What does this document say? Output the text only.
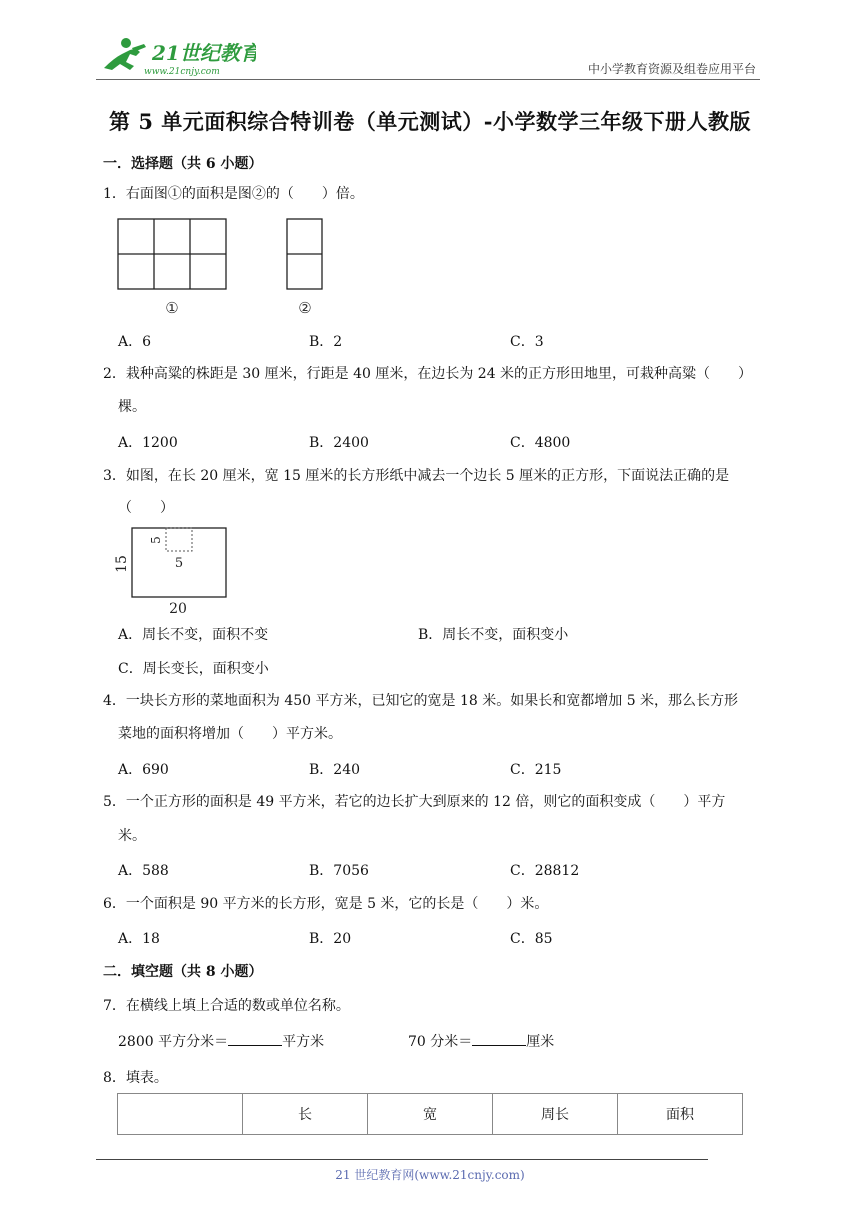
21世纪教育
www.21cnjy.com	中小学教育资源及组卷应用平台
第 5 单元面积综合特训卷（单元测试）-小学数学三年级下册人教版
一．选择题（共 6 小题）
1．右面图①的面积是图②的（　　）倍。
①	②
A．6	B．2	C．3
2．栽种高粱的株距是 30 厘米，行距是 40 厘米，在边长为 24 米的正方形田地里，可栽种高粱（　　）
棵。
A．1200	B．2400	C．4800
3．如图，在长 20 厘米，宽 15 厘米的长方形纸中减去一个边长 5 厘米的正方形，下面说法正确的是
（　　）
15
5
5
20
A．周长不变，面积不变	B．周长不变，面积变小
C．周长变长，面积变小
4．一块长方形的菜地面积为 450 平方米，已知它的宽是 18 米。如果长和宽都增加 5 米，那么长方形
菜地的面积将增加（　　）平方米。
A．690	B．240	C．215
5．一个正方形的面积是 49 平方米，若它的边长扩大到原来的 12 倍，则它的面积变成（　　）平方
米。
A．588	B．7056	C．28812
6．一个面积是 90 平方米的长方形，宽是 5 米，它的长是（　　）米。
A．18	B．20	C．85
二．填空题（共 8 小题）
7．在横线上填上合适的数或单位名称。
2800 平方分米＝	平方米	70 分米＝	厘米
8．填表。
	长	宽	周长	面积
21 世纪教育网(www.21cnjy.com)
